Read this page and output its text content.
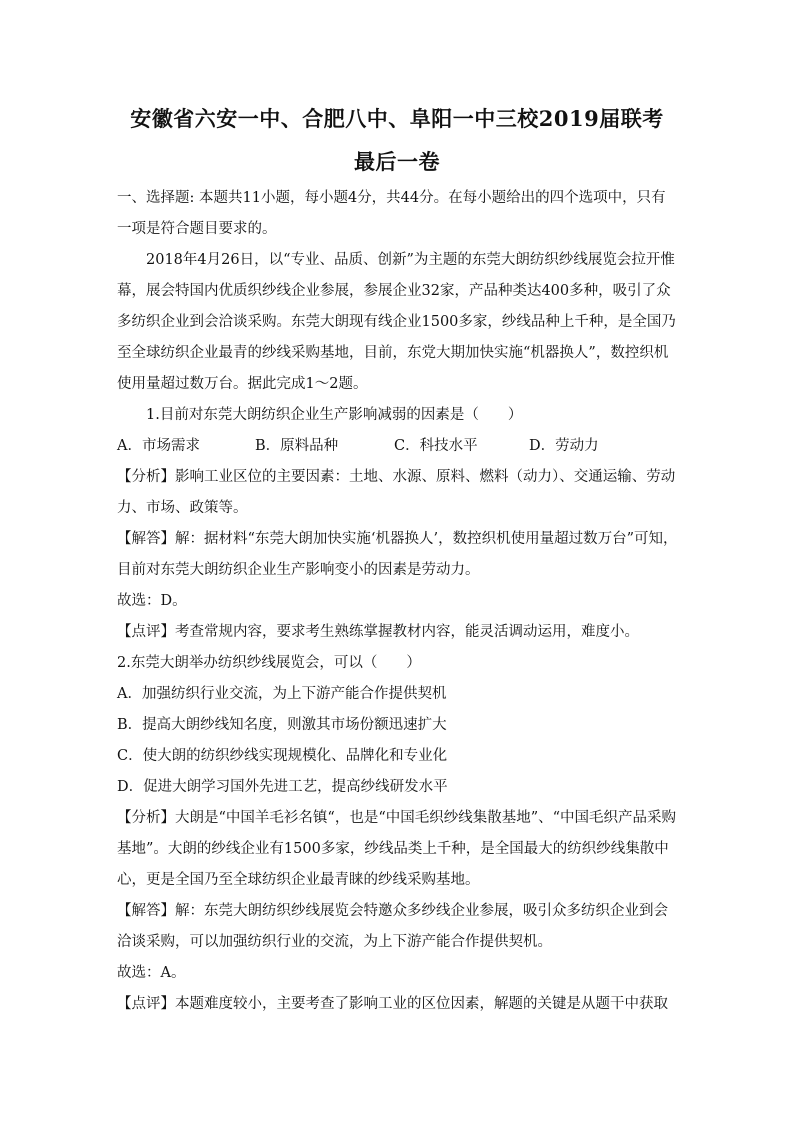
安徽省六安一中、合肥八中、阜阳一中三校2019届联考
最后一卷

一、选择题: 本题共11小题，每小题4分，共44分。在每小题给出的四个选项中，只有一项是符合题目要求的。

2018年4月26日，以“专业、品质、创新”为主题的东莞大朗纺织纱线展览会拉开惟幕，展会特国内优质织纱线企业参展，参展企业32家，产品种类达400多种，吸引了众多纺织企业到会洽谈采购。东莞大朗现有线企业1500多家，纱线品种上千种，是全国乃至全球纺织企业最青的纱线采购基地，目前，东党大期加快实施“机器换人”，数控织机使用量超过数万台。据此完成1～2题。

1.目前对东莞大朗纺织企业生产影响减弱的因素是（　　）

A．市场需求	B．原料品种	C．科技水平	D．劳动力

【分析】影响工业区位的主要因素：土地、水源、原料、燃料（动力）、交通运输、劳动力、市场、政策等。

【解答】解：据材料“东莞大朗加快实施‘机器换人’，数控织机使用量超过数万台”可知，目前对东莞大朗纺织企业生产影响变小的因素是劳动力。

故选：D。

【点评】考查常规内容，要求考生熟练掌握教材内容，能灵活调动运用，难度小。

2.东莞大朗举办纺织纱线展览会，可以（　　）

A．加强纺织行业交流，为上下游产能合作提供契机

B．提高大朗纱线知名度，则激其市场份额迅速扩大

C．使大朗的纺织纱线实现规模化、品牌化和专业化

D．促进大朗学习国外先进工艺，提高纱线研发水平

【分析】大朗是“中国羊毛衫名镇“，也是“中国毛织纱线集散基地”、“中国毛织产品采购基地”。大朗的纱线企业有1500多家，纱线品类上千种，是全国最大的纺织纱线集散中心，更是全国乃至全球纺织企业最青睐的纱线采购基地。

【解答】解：东莞大朗纺织纱线展览会特邀众多纱线企业参展，吸引众多纺织企业到会洽谈采购，可以加强纺织行业的交流，为上下游产能合作提供契机。

故选：A。

【点评】本题难度较小，主要考查了影响工业的区位因素，解题的关键是从题干中获取
